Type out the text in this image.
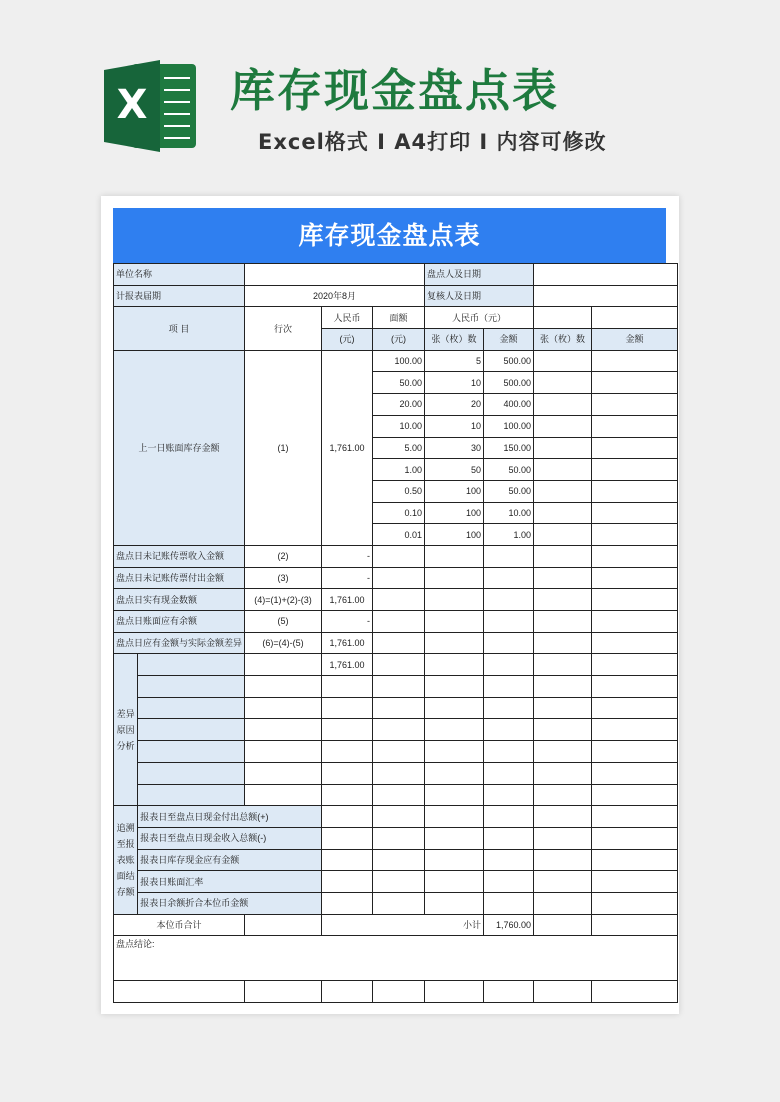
X 库存现金盘点表
Excel格式 I A4打印 I 内容可修改
库存现金盘点表
单位名称					盘点人及日期			
计报表届期		2020年8月			复核人及日期			
项 目		行次	人民币	面额	人民币（元）			
			(元)	(元)	张（枚）数	金额	张（枚）数	金额
上一日账面库存金额		(1)	1,761.00	100.00	5	500.00		
				50.00	10	500.00		
				20.00	20	400.00		
				10.00	10	100.00		
				5.00	30	150.00		
				1.00	50	50.00		
				0.50	100	50.00		
				0.10	100	10.00		
				0.01	100	1.00		
盘点日未记账传票收入金额		(2)	-					
盘点日未记账传票付出金额		(3)	-					
盘点日实有现金数额		(4)=(1)+(2)-(3)	1,761.00					
盘点日账面应有余额		(5)	-					
盘点日应有金额与实际金额差异		(6)=(4)-(5)	1,761.00					
差异原因分析			1,761.00					

追溯至报表账面结存额	报表日至盘点日现金付出总额(+)							
	报表日至盘点日现金收入总额(-)							
	报表日库存现金应有金额							
	报表日账面汇率							
	报表日余额折合本位币金额							
本位币合计			小计			1,760.00		
盘点结论:								
